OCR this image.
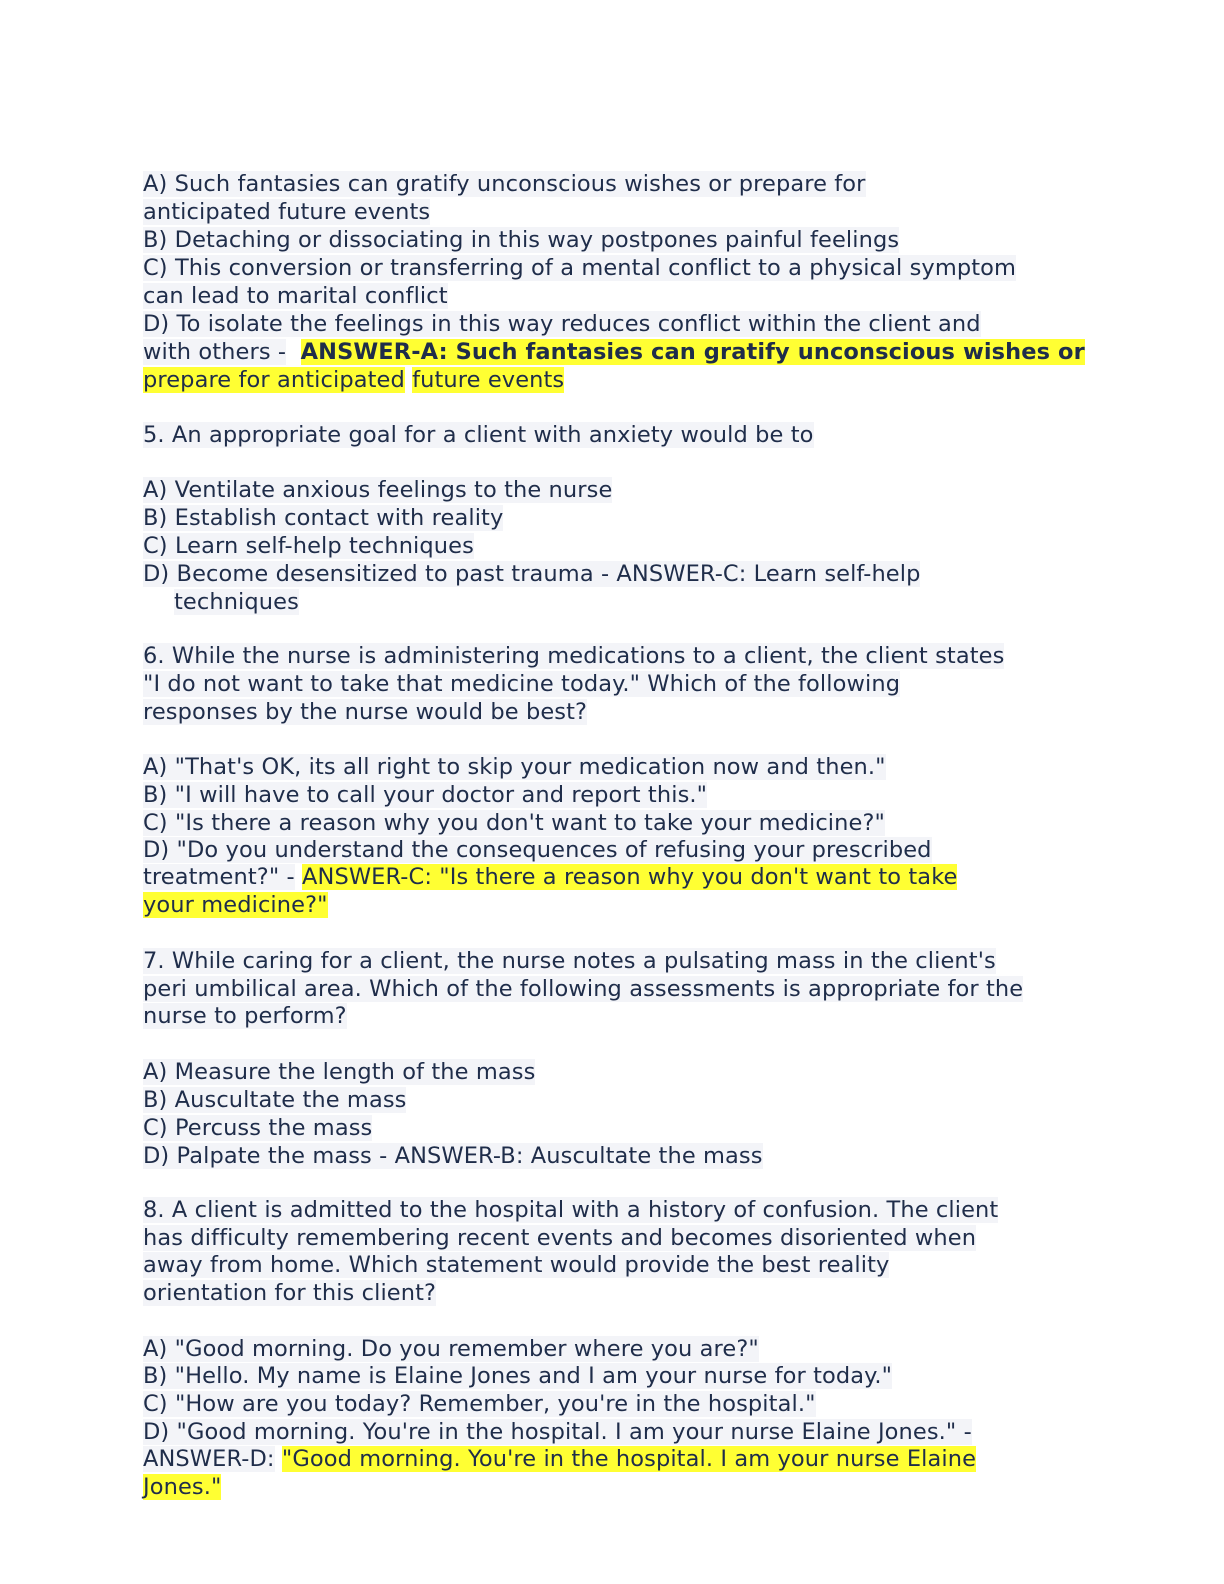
A) Such fantasies can gratify unconscious wishes or prepare for
anticipated future events
B) Detaching or dissociating in this way postpones painful feelings
C) This conversion or transferring of a mental conflict to a physical symptom
can lead to marital conflict
D) To isolate the feelings in this way reduces conflict within the client and
with others - ANSWER-A: Such fantasies can gratify unconscious wishes or
prepare for anticipated future events
5. An appropriate goal for a client with anxiety would be to
A) Ventilate anxious feelings to the nurse
B) Establish contact with reality
C) Learn self-help techniques
D) Become desensitized to past trauma - ANSWER-C: Learn self-help
techniques
6. While the nurse is administering medications to a client, the client states
"I do not want to take that medicine today." Which of the following
responses by the nurse would be best?
A) "That's OK, its all right to skip your medication now and then."
B) "I will have to call your doctor and report this."
C) "Is there a reason why you don't want to take your medicine?"
D) "Do you understand the consequences of refusing your prescribed
treatment?" - ANSWER-C: "Is there a reason why you don't want to take
your medicine?"
7. While caring for a client, the nurse notes a pulsating mass in the client's
peri umbilical area. Which of the following assessments is appropriate for the
nurse to perform?
A) Measure the length of the mass
B) Auscultate the mass
C) Percuss the mass
D) Palpate the mass - ANSWER-B: Auscultate the mass
8. A client is admitted to the hospital with a history of confusion. The client
has difficulty remembering recent events and becomes disoriented when
away from home. Which statement would provide the best reality
orientation for this client?
A) "Good morning. Do you remember where you are?"
B) "Hello. My name is Elaine Jones and I am your nurse for today."
C) "How are you today? Remember, you're in the hospital."
D) "Good morning. You're in the hospital. I am your nurse Elaine Jones." -
ANSWER-D: "Good morning. You're in the hospital. I am your nurse Elaine
Jones."
